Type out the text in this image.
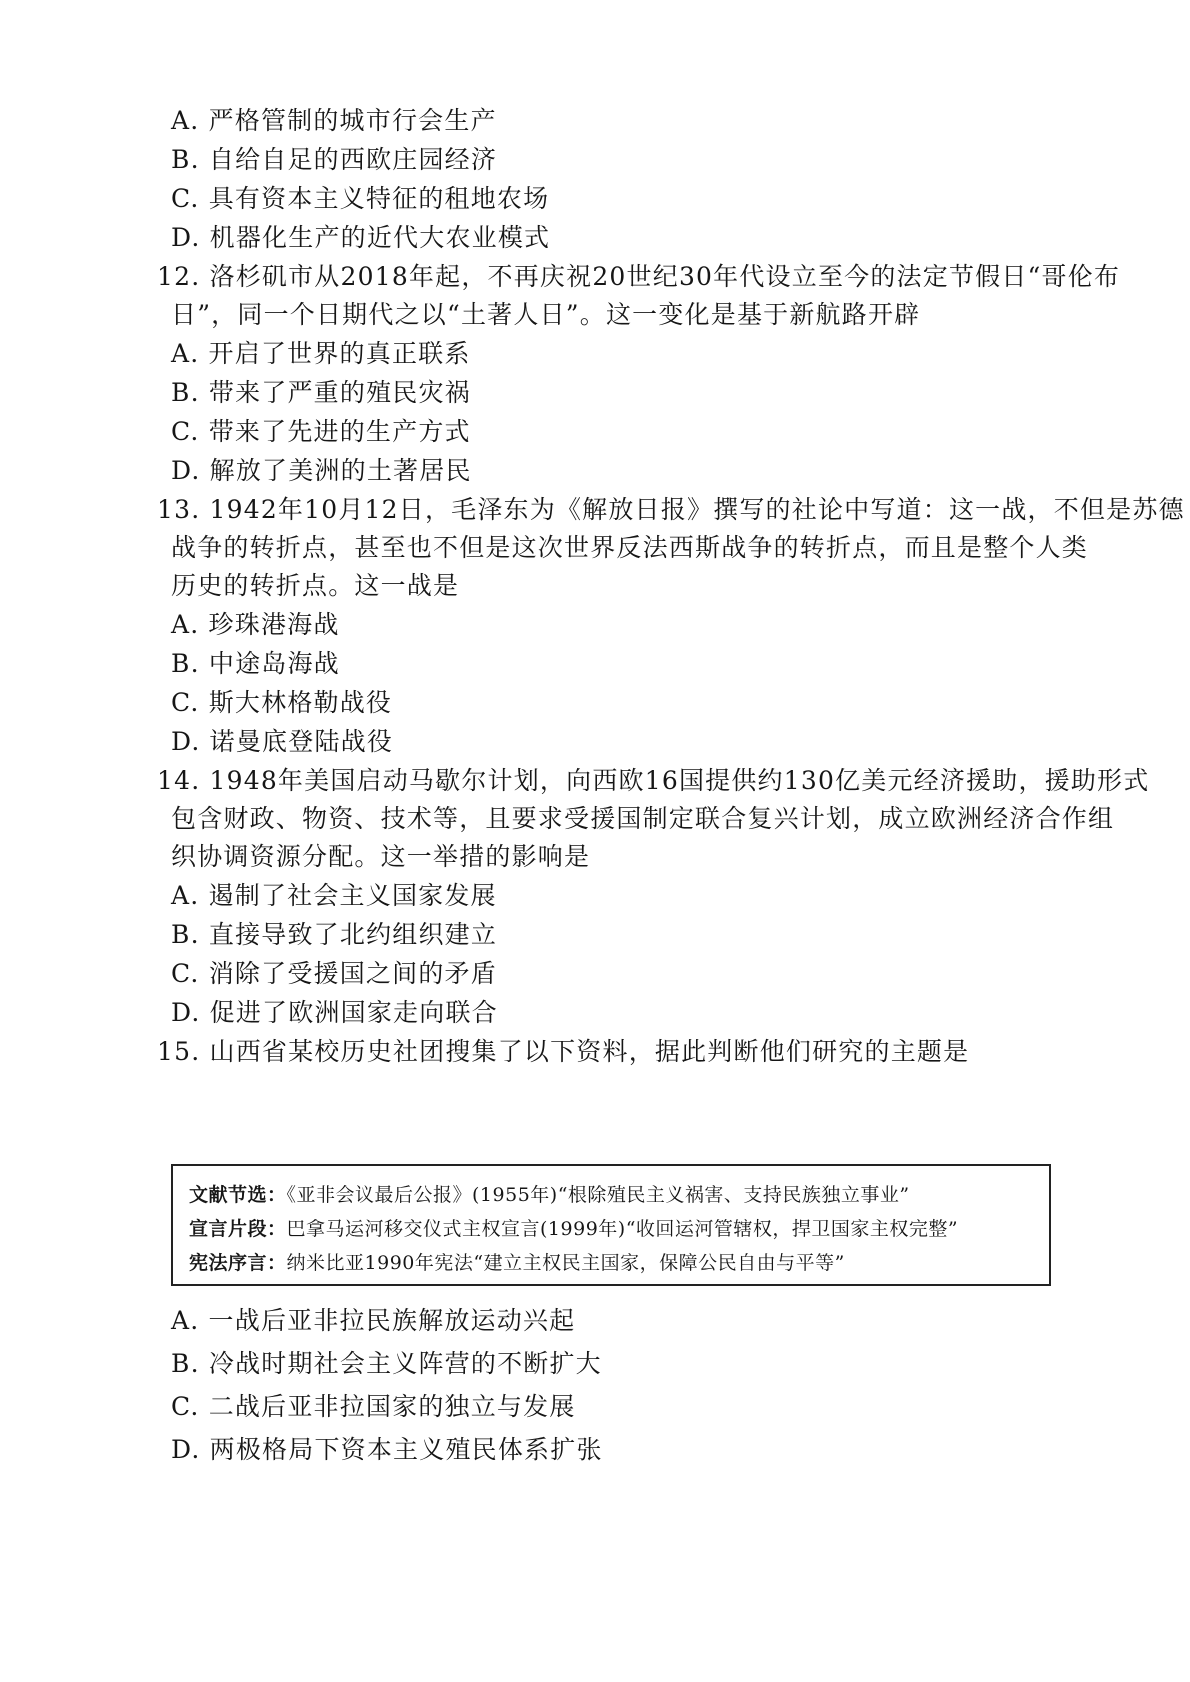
A. 严格管制的城市行会生产
B. 自给自足的西欧庄园经济
C. 具有资本主义特征的租地农场
D. 机器化生产的近代大农业模式
12. 洛杉矶市从2018年起，不再庆祝20世纪30年代设立至今的法定节假日“哥伦布
日”，同一个日期代之以“土著人日”。这一变化是基于新航路开辟
A. 开启了世界的真正联系
B. 带来了严重的殖民灾祸
C. 带来了先进的生产方式
D. 解放了美洲的土著居民
13. 1942年10月12日，毛泽东为《解放日报》撰写的社论中写道：这一战，不但是苏德
战争的转折点，甚至也不但是这次世界反法西斯战争的转折点，而且是整个人类
历史的转折点。这一战是
A. 珍珠港海战
B. 中途岛海战
C. 斯大林格勒战役
D. 诺曼底登陆战役
14. 1948年美国启动马歇尔计划，向西欧16国提供约130亿美元经济援助，援助形式
包含财政、物资、技术等，且要求受援国制定联合复兴计划，成立欧洲经济合作组
织协调资源分配。这一举措的影响是
A. 遏制了社会主义国家发展
B. 直接导致了北约组织建立
C. 消除了受援国之间的矛盾
D. 促进了欧洲国家走向联合
15. 山西省某校历史社团搜集了以下资料，据此判断他们研究的主题是
文献节选：《亚非会议最后公报》(1955年)“根除殖民主义祸害、支持民族独立事业”
宣言片段：巴拿马运河移交仪式主权宣言(1999年)“收回运河管辖权，捍卫国家主权完整”
宪法序言：纳米比亚1990年宪法“建立主权民主国家，保障公民自由与平等”
A. 一战后亚非拉民族解放运动兴起
B. 冷战时期社会主义阵营的不断扩大
C. 二战后亚非拉国家的独立与发展
D. 两极格局下资本主义殖民体系扩张
